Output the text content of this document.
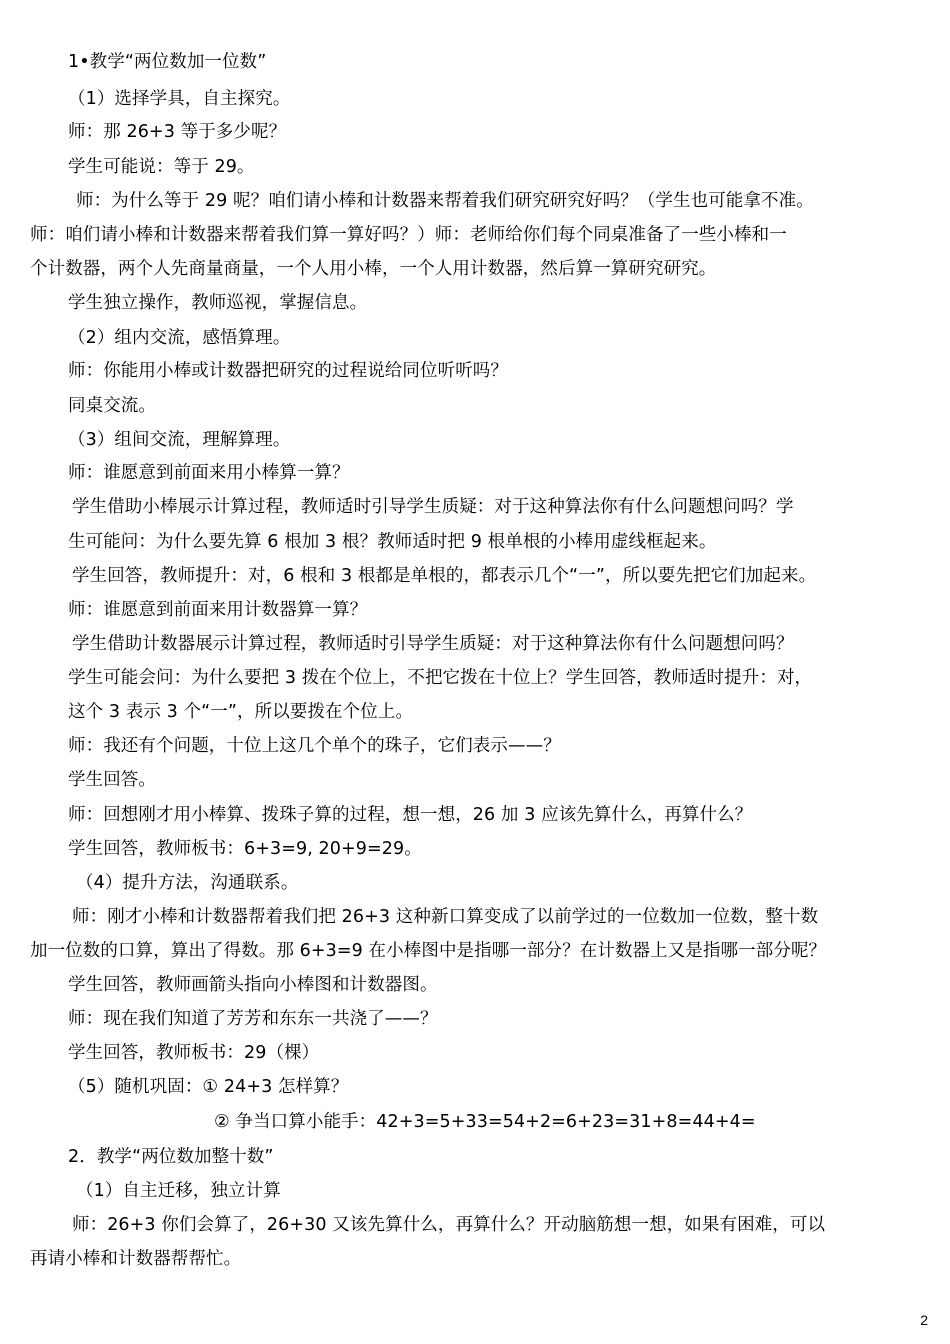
1•教学“两位数加一位数”
（1）选择学具，自主探究。
师：那 26+3 等于多少呢？
学生可能说：等于 29。
师：为什么等于 29 呢？咱们请小棒和计数器来帮着我们研究研究好吗？（学生也可能拿不准。
师：咱们请小棒和计数器来帮着我们算一算好吗？）师：老师给你们每个同桌准备了一些小棒和一
个计数器，两个人先商量商量，一个人用小棒，一个人用计数器，然后算一算研究研究。
学生独立操作，教师巡视，掌握信息。
（2）组内交流，感悟算理。
师：你能用小棒或计数器把研究的过程说给同位听听吗？
同桌交流。
（3）组间交流，理解算理。
师：谁愿意到前面来用小棒算一算？
学生借助小棒展示计算过程，教师适时引导学生质疑：对于这种算法你有什么问题想问吗？学
生可能问：为什么要先算 6 根加 3 根？教师适时把 9 根单根的小棒用虚线框起来。
学生回答，教师提升：对，6 根和 3 根都是单根的，都表示几个“一”，所以要先把它们加起来。
师：谁愿意到前面来用计数器算一算？
学生借助计数器展示计算过程，教师适时引导学生质疑：对于这种算法你有什么问题想问吗？
学生可能会问：为什么要把 3 拨在个位上，不把它拨在十位上？学生回答，教师适时提升：对，
这个 3 表示 3 个“一”，所以要拨在个位上。
师：我还有个问题，十位上这几个单个的珠子，它们表示——？
学生回答。
师：回想刚才用小棒算、拨珠子算的过程，想一想，26 加 3 应该先算什么，再算什么？
学生回答，教师板书：6+3=9, 20+9=29。
（4）提升方法，沟通联系。
师：刚才小棒和计数器帮着我们把 26+3 这种新口算变成了以前学过的一位数加一位数，整十数
加一位数的口算，算出了得数。那 6+3=9 在小棒图中是指哪一部分？在计数器上又是指哪一部分呢？
学生回答，教师画箭头指向小棒图和计数器图。
师：现在我们知道了芳芳和东东一共浇了——？
学生回答，教师板书：29（棵）
（5）随机巩固：① 24+3 怎样算？
② 争当口算小能手：42+3=5+33=54+2=6+23=31+8=44+4=
2．教学“两位数加整十数”
（1）自主迁移，独立计算
师：26+3 你们会算了，26+30 又该先算什么，再算什么？开动脑筋想一想，如果有困难，可以
再请小棒和计数器帮帮忙。
2
